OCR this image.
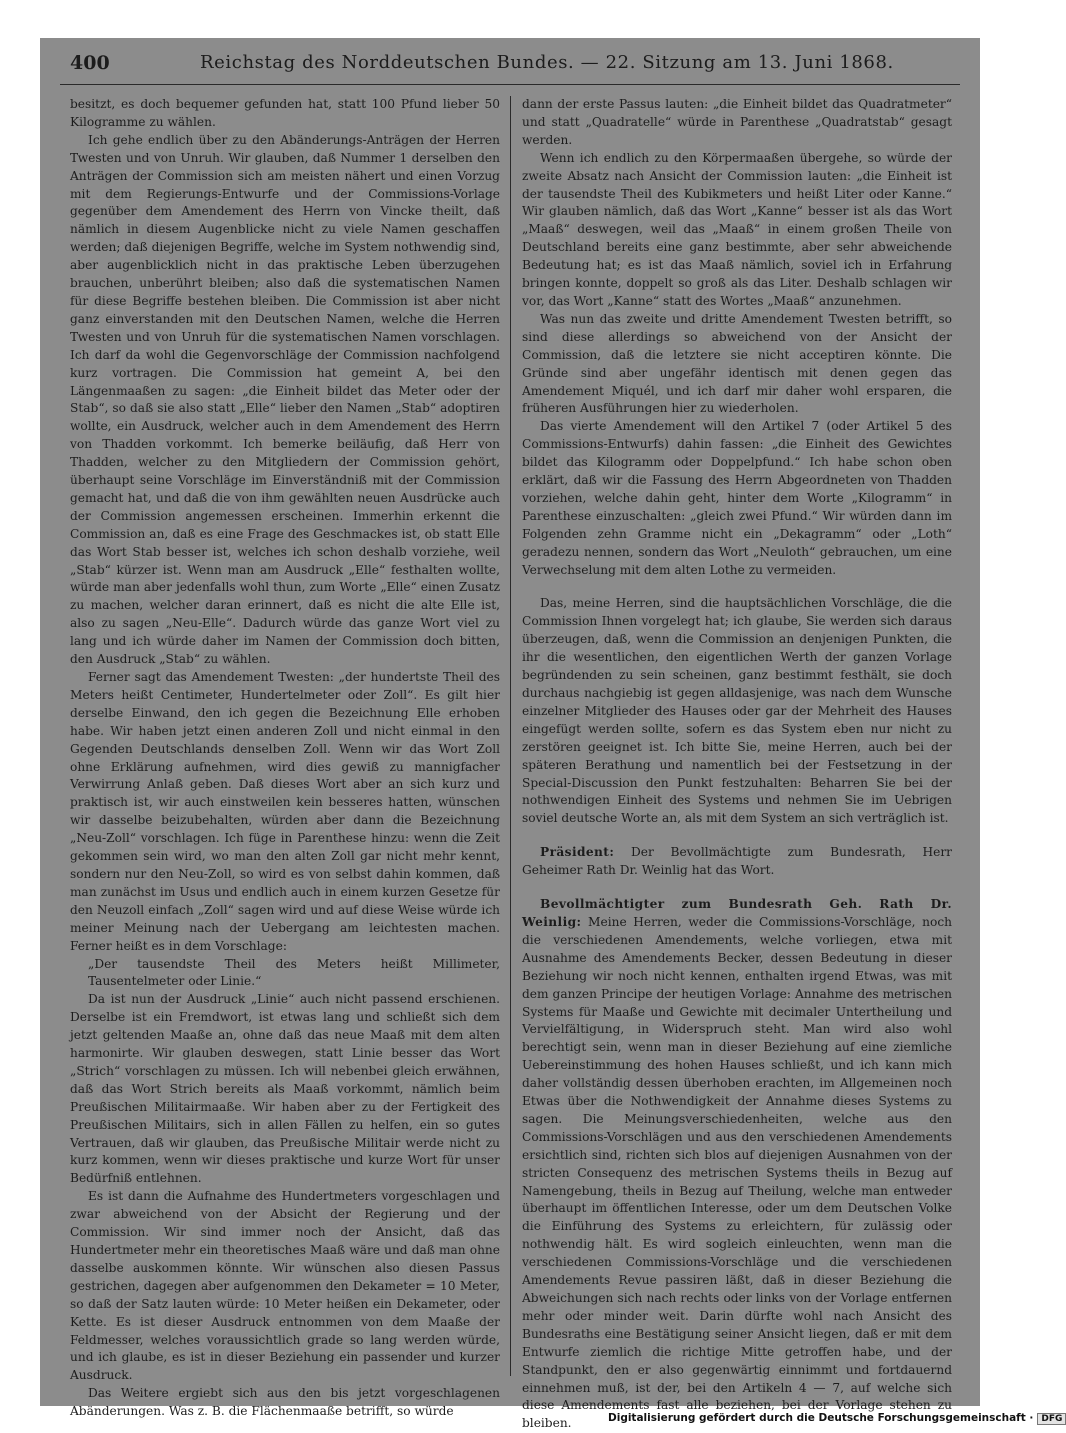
400	Reichstag des Norddeutschen Bundes. — 22. Sitzung am 13. Juni 1868.

besitzt, es doch bequemer gefunden hat, statt 100 Pfund lieber 50 Kilogramme zu wählen.

Ich gehe endlich über zu den Abänderungs-Anträgen der Herren Twesten und von Unruh. Wir glauben, daß Nummer 1 derselben den Anträgen der Commission sich am meisten nähert und einen Vorzug mit dem Regierungs-Entwurfe und der Commissions-Vorlage gegenüber dem Amendement des Herrn von Vincke theilt, daß nämlich in diesem Augenblicke nicht zu viele Namen geschaffen werden; daß diejenigen Begriffe, welche im System nothwendig sind, aber augenblicklich nicht in das praktische Leben überzugehen brauchen, unberührt bleiben; also daß die systematischen Namen für diese Begriffe bestehen bleiben. Die Commission ist aber nicht ganz einverstanden mit den Deutschen Namen, welche die Herren Twesten und von Unruh für die systematischen Namen vorschlagen. Ich darf da wohl die Gegenvorschläge der Commission nachfolgend kurz vortragen. Die Commission hat gemeint A, bei den Längenmaaßen zu sagen: „die Einheit bildet das Meter oder der Stab“, so daß sie also statt „Elle“ lieber den Namen „Stab“ adoptiren wollte, ein Ausdruck, welcher auch in dem Amendement des Herrn von Thadden vorkommt. Ich bemerke beiläufig, daß Herr von Thadden, welcher zu den Mitgliedern der Commission gehört, überhaupt seine Vorschläge im Einverständniß mit der Commission gemacht hat, und daß die von ihm gewählten neuen Ausdrücke auch der Commission angemessen erscheinen. Immerhin erkennt die Commission an, daß es eine Frage des Geschmackes ist, ob statt Elle das Wort Stab besser ist, welches ich schon deshalb vorziehe, weil „Stab“ kürzer ist. Wenn man am Ausdruck „Elle“ festhalten wollte, würde man aber jedenfalls wohl thun, zum Worte „Elle“ einen Zusatz zu machen, welcher daran erinnert, daß es nicht die alte Elle ist, also zu sagen „Neu-Elle“. Dadurch würde das ganze Wort viel zu lang und ich würde daher im Namen der Commission doch bitten, den Ausdruck „Stab“ zu wählen.

Ferner sagt das Amendement Twesten: „der hundertste Theil des Meters heißt Centimeter, Hundertelmeter oder Zoll“. Es gilt hier derselbe Einwand, den ich gegen die Bezeichnung Elle erhoben habe. Wir haben jetzt einen anderen Zoll und nicht einmal in den Gegenden Deutschlands denselben Zoll. Wenn wir das Wort Zoll ohne Erklärung aufnehmen, wird dies gewiß zu mannigfacher Verwirrung Anlaß geben. Daß dieses Wort aber an sich kurz und praktisch ist, wir auch einstweilen kein besseres hatten, wünschen wir dasselbe beizubehalten, würden aber dann die Bezeichnung „Neu-Zoll“ vorschlagen. Ich füge in Parenthese hinzu: wenn die Zeit gekommen sein wird, wo man den alten Zoll gar nicht mehr kennt, sondern nur den Neu-Zoll, so wird es von selbst dahin kommen, daß man zunächst im Usus und endlich auch in einem kurzen Gesetze für den Neuzoll einfach „Zoll“ sagen wird und auf diese Weise würde ich meiner Meinung nach der Uebergang am leichtesten machen. Ferner heißt es in dem Vorschlage:

„Der tausendste Theil des Meters heißt Millimeter, Tausentelmeter oder Linie.“

Da ist nun der Ausdruck „Linie“ auch nicht passend erschienen. Derselbe ist ein Fremdwort, ist etwas lang und schließt sich dem jetzt geltenden Maaße an, ohne daß das neue Maaß mit dem alten harmonirte. Wir glauben deswegen, statt Linie besser das Wort „Strich“ vorschlagen zu müssen. Ich will nebenbei gleich erwähnen, daß das Wort Strich bereits als Maaß vorkommt, nämlich beim Preußischen Militairmaaße. Wir haben aber zu der Fertigkeit des Preußischen Militairs, sich in allen Fällen zu helfen, ein so gutes Vertrauen, daß wir glauben, das Preußische Militair werde nicht zu kurz kommen, wenn wir dieses praktische und kurze Wort für unser Bedürfniß entlehnen.

Es ist dann die Aufnahme des Hundertmeters vorgeschlagen und zwar abweichend von der Absicht der Regierung und der Commission. Wir sind immer noch der Ansicht, daß das Hundertmeter mehr ein theoretisches Maaß wäre und daß man ohne dasselbe auskommen könnte. Wir wünschen also diesen Passus gestrichen, dagegen aber aufgenommen den Dekameter = 10 Meter, so daß der Satz lauten würde: 10 Meter heißen ein Dekameter, oder Kette. Es ist dieser Ausdruck entnommen von dem Maaße der Feldmesser, welches voraussichtlich grade so lang werden würde, und ich glaube, es ist in dieser Beziehung ein passender und kurzer Ausdruck.

Das Weitere ergiebt sich aus den bis jetzt vorgeschlagenen Abänderungen. Was z. B. die Flächenmaaße betrifft, so würde

dann der erste Passus lauten: „die Einheit bildet das Quadratmeter“ und statt „Quadratelle“ würde in Parenthese „Quadratstab“ gesagt werden.

Wenn ich endlich zu den Körpermaaßen übergehe, so würde der zweite Absatz nach Ansicht der Commission lauten: „die Einheit ist der tausendste Theil des Kubikmeters und heißt Liter oder Kanne.“ Wir glauben nämlich, daß das Wort „Kanne“ besser ist als das Wort „Maaß“ deswegen, weil das „Maaß“ in einem großen Theile von Deutschland bereits eine ganz bestimmte, aber sehr abweichende Bedeutung hat; es ist das Maaß nämlich, soviel ich in Erfahrung bringen konnte, doppelt so groß als das Liter. Deshalb schlagen wir vor, das Wort „Kanne“ statt des Wortes „Maaß“ anzunehmen.

Was nun das zweite und dritte Amendement Twesten betrifft, so sind diese allerdings so abweichend von der Ansicht der Commission, daß die letztere sie nicht acceptiren könnte. Die Gründe sind aber ungefähr identisch mit denen gegen das Amendement Miquél, und ich darf mir daher wohl ersparen, die früheren Ausführungen hier zu wiederholen.

Das vierte Amendement will den Artikel 7 (oder Artikel 5 des Commissions-Entwurfs) dahin fassen: „die Einheit des Gewichtes bildet das Kilogramm oder Doppelpfund.“ Ich habe schon oben erklärt, daß wir die Fassung des Herrn Abgeordneten von Thadden vorziehen, welche dahin geht, hinter dem Worte „Kilogramm“ in Parenthese einzuschalten: „gleich zwei Pfund.“ Wir würden dann im Folgenden zehn Gramme nicht ein „Dekagramm“ oder „Loth“ geradezu nennen, sondern das Wort „Neuloth“ gebrauchen, um eine Verwechselung mit dem alten Lothe zu vermeiden.

Das, meine Herren, sind die hauptsächlichen Vorschläge, die die Commission Ihnen vorgelegt hat; ich glaube, Sie werden sich daraus überzeugen, daß, wenn die Commission an denjenigen Punkten, die ihr die wesentlichen, den eigentlichen Werth der ganzen Vorlage begründenden zu sein scheinen, ganz bestimmt festhält, sie doch durchaus nachgiebig ist gegen alldasjenige, was nach dem Wunsche einzelner Mitglieder des Hauses oder gar der Mehrheit des Hauses eingefügt werden sollte, sofern es das System eben nur nicht zu zerstören geeignet ist. Ich bitte Sie, meine Herren, auch bei der späteren Berathung und namentlich bei der Festsetzung in der Special-Discussion den Punkt festzuhalten: Beharren Sie bei der nothwendigen Einheit des Systems und nehmen Sie im Uebrigen soviel deutsche Worte an, als mit dem System an sich verträglich ist.

Präsident: Der Bevollmächtigte zum Bundesrath, Herr Geheimer Rath Dr. Weinlig hat das Wort.

Bevollmächtigter zum Bundesrath Geh. Rath Dr. Weinlig: Meine Herren, weder die Commissions-Vorschläge, noch die verschiedenen Amendements, welche vorliegen, etwa mit Ausnahme des Amendements Becker, dessen Bedeutung in dieser Beziehung wir noch nicht kennen, enthalten irgend Etwas, was mit dem ganzen Principe der heutigen Vorlage: Annahme des metrischen Systems für Maaße und Gewichte mit decimaler Untertheilung und Vervielfältigung, in Widerspruch steht. Man wird also wohl berechtigt sein, wenn man in dieser Beziehung auf eine ziemliche Uebereinstimmung des hohen Hauses schließt, und ich kann mich daher vollständig dessen überhoben erachten, im Allgemeinen noch Etwas über die Nothwendigkeit der Annahme dieses Systems zu sagen. Die Meinungsverschiedenheiten, welche aus den Commissions-Vorschlägen und aus den verschiedenen Amendements ersichtlich sind, richten sich blos auf diejenigen Ausnahmen von der stricten Consequenz des metrischen Systems theils in Bezug auf Namengebung, theils in Bezug auf Theilung, welche man entweder überhaupt im öffentlichen Interesse, oder um dem Deutschen Volke die Einführung des Systems zu erleichtern, für zulässig oder nothwendig hält. Es wird sogleich einleuchten, wenn man die verschiedenen Commissions-Vorschläge und die verschiedenen Amendements Revue passiren läßt, daß in dieser Beziehung die Abweichungen sich nach rechts oder links von der Vorlage entfernen mehr oder minder weit. Darin dürfte wohl nach Ansicht des Bundesraths eine Bestätigung seiner Ansicht liegen, daß er mit dem Entwurfe ziemlich die richtige Mitte getroffen habe, und der Standpunkt, den er also gegenwärtig einnimmt und fortdauernd einnehmen muß, ist der, bei den Artikeln 4 — 7, auf welche sich diese Amendements fast alle beziehen, bei der Vorlage stehen zu bleiben.	Digitalisierung gefördert durch die Deutsche Forschungsgemeinschaft · DFG
